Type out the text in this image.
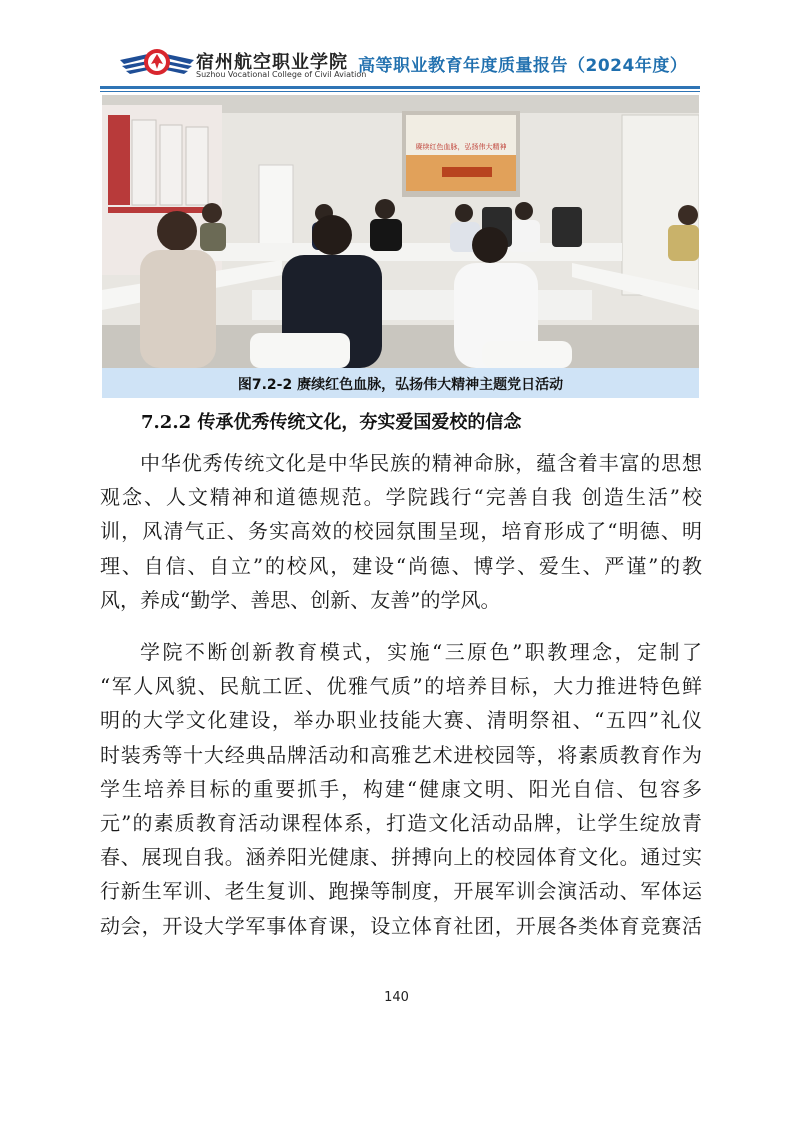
宿州航空职业学院
Suzhou Vocational College of Civil Aviation
高等职业教育年度质量报告（2024年度）
赓续红色血脉，弘扬伟大精神
图7.2-2 赓续红色血脉，弘扬伟大精神主题党日活动
7.2.2 传承优秀传统文化，夯实爱国爱校的信念
中华优秀传统文化是中华民族的精神命脉，蕴含着丰富的思想
观念、人文精神和道德规范。学院践行“完善自我 创造生活”校
训，风清气正、务实高效的校园氛围呈现，培育形成了“明德、明
理、自信、自立”的校风，建设“尚德、博学、爱生、严谨”的教
风，养成“勤学、善思、创新、友善”的学风。
学院不断创新教育模式，实施“三原色”职教理念，定制了
“军人风貌、民航工匠、优雅气质”的培养目标，大力推进特色鲜
明的大学文化建设，举办职业技能大赛、清明祭祖、“五四”礼仪
时装秀等十大经典品牌活动和高雅艺术进校园等，将素质教育作为
学生培养目标的重要抓手，构建“健康文明、阳光自信、包容多
元”的素质教育活动课程体系，打造文化活动品牌，让学生绽放青
春、展现自我。涵养阳光健康、拼搏向上的校园体育文化。通过实
行新生军训、老生复训、跑操等制度，开展军训会演活动、军体运
动会，开设大学军事体育课，设立体育社团，开展各类体育竞赛活
140
